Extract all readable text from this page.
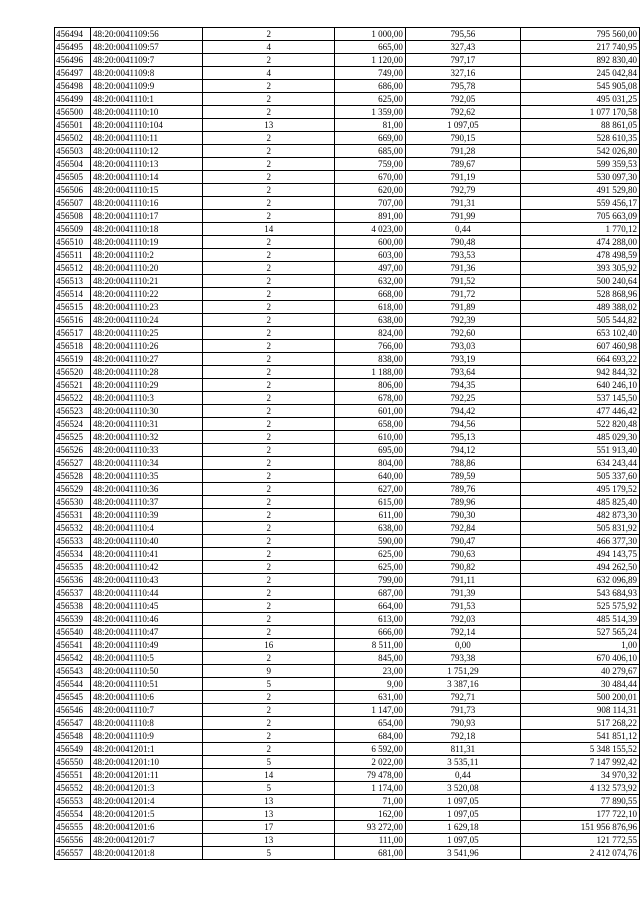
456494	48:20:0041109:56	2	1 000,00	795,56	795 560,00
456495	48:20:0041109:57	4	665,00	327,43	217 740,95
456496	48:20:0041109:7	2	1 120,00	797,17	892 830,40
456497	48:20:0041109:8	4	749,00	327,16	245 042,84
456498	48:20:0041109:9	2	686,00	795,78	545 905,08
456499	48:20:0041110:1	2	625,00	792,05	495 031,25
456500	48:20:0041110:10	2	1 359,00	792,62	1 077 170,58
456501	48:20:0041110:104	13	81,00	1 097,05	88 861,05
456502	48:20:0041110:11	2	669,00	790,15	528 610,35
456503	48:20:0041110:12	2	685,00	791,28	542 026,80
456504	48:20:0041110:13	2	759,00	789,67	599 359,53
456505	48:20:0041110:14	2	670,00	791,19	530 097,30
456506	48:20:0041110:15	2	620,00	792,79	491 529,80
456507	48:20:0041110:16	2	707,00	791,31	559 456,17
456508	48:20:0041110:17	2	891,00	791,99	705 663,09
456509	48:20:0041110:18	14	4 023,00	0,44	1 770,12
456510	48:20:0041110:19	2	600,00	790,48	474 288,00
456511	48:20:0041110:2	2	603,00	793,53	478 498,59
456512	48:20:0041110:20	2	497,00	791,36	393 305,92
456513	48:20:0041110:21	2	632,00	791,52	500 240,64
456514	48:20:0041110:22	2	668,00	791,72	528 868,96
456515	48:20:0041110:23	2	618,00	791,89	489 388,02
456516	48:20:0041110:24	2	638,00	792,39	505 544,82
456517	48:20:0041110:25	2	824,00	792,60	653 102,40
456518	48:20:0041110:26	2	766,00	793,03	607 460,98
456519	48:20:0041110:27	2	838,00	793,19	664 693,22
456520	48:20:0041110:28	2	1 188,00	793,64	942 844,32
456521	48:20:0041110:29	2	806,00	794,35	640 246,10
456522	48:20:0041110:3	2	678,00	792,25	537 145,50
456523	48:20:0041110:30	2	601,00	794,42	477 446,42
456524	48:20:0041110:31	2	658,00	794,56	522 820,48
456525	48:20:0041110:32	2	610,00	795,13	485 029,30
456526	48:20:0041110:33	2	695,00	794,12	551 913,40
456527	48:20:0041110:34	2	804,00	788,86	634 243,44
456528	48:20:0041110:35	2	640,00	789,59	505 337,60
456529	48:20:0041110:36	2	627,00	789,76	495 179,52
456530	48:20:0041110:37	2	615,00	789,96	485 825,40
456531	48:20:0041110:39	2	611,00	790,30	482 873,30
456532	48:20:0041110:4	2	638,00	792,84	505 831,92
456533	48:20:0041110:40	2	590,00	790,47	466 377,30
456534	48:20:0041110:41	2	625,00	790,63	494 143,75
456535	48:20:0041110:42	2	625,00	790,82	494 262,50
456536	48:20:0041110:43	2	799,00	791,11	632 096,89
456537	48:20:0041110:44	2	687,00	791,39	543 684,93
456538	48:20:0041110:45	2	664,00	791,53	525 575,92
456539	48:20:0041110:46	2	613,00	792,03	485 514,39
456540	48:20:0041110:47	2	666,00	792,14	527 565,24
456541	48:20:0041110:49	16	8 511,00	0,00	1,00
456542	48:20:0041110:5	2	845,00	793,38	670 406,10
456543	48:20:0041110:50	9	23,00	1 751,29	40 279,67
456544	48:20:0041110:51	5	9,00	3 387,16	30 484,44
456545	48:20:0041110:6	2	631,00	792,71	500 200,01
456546	48:20:0041110:7	2	1 147,00	791,73	908 114,31
456547	48:20:0041110:8	2	654,00	790,93	517 268,22
456548	48:20:0041110:9	2	684,00	792,18	541 851,12
456549	48:20:0041201:1	2	6 592,00	811,31	5 348 155,52
456550	48:20:0041201:10	5	2 022,00	3 535,11	7 147 992,42
456551	48:20:0041201:11	14	79 478,00	0,44	34 970,32
456552	48:20:0041201:3	5	1 174,00	3 520,08	4 132 573,92
456553	48:20:0041201:4	13	71,00	1 097,05	77 890,55
456554	48:20:0041201:5	13	162,00	1 097,05	177 722,10
456555	48:20:0041201:6	17	93 272,00	1 629,18	151 956 876,96
456556	48:20:0041201:7	13	111,00	1 097,05	121 772,55
456557	48:20:0041201:8	5	681,00	3 541,96	2 412 074,76
